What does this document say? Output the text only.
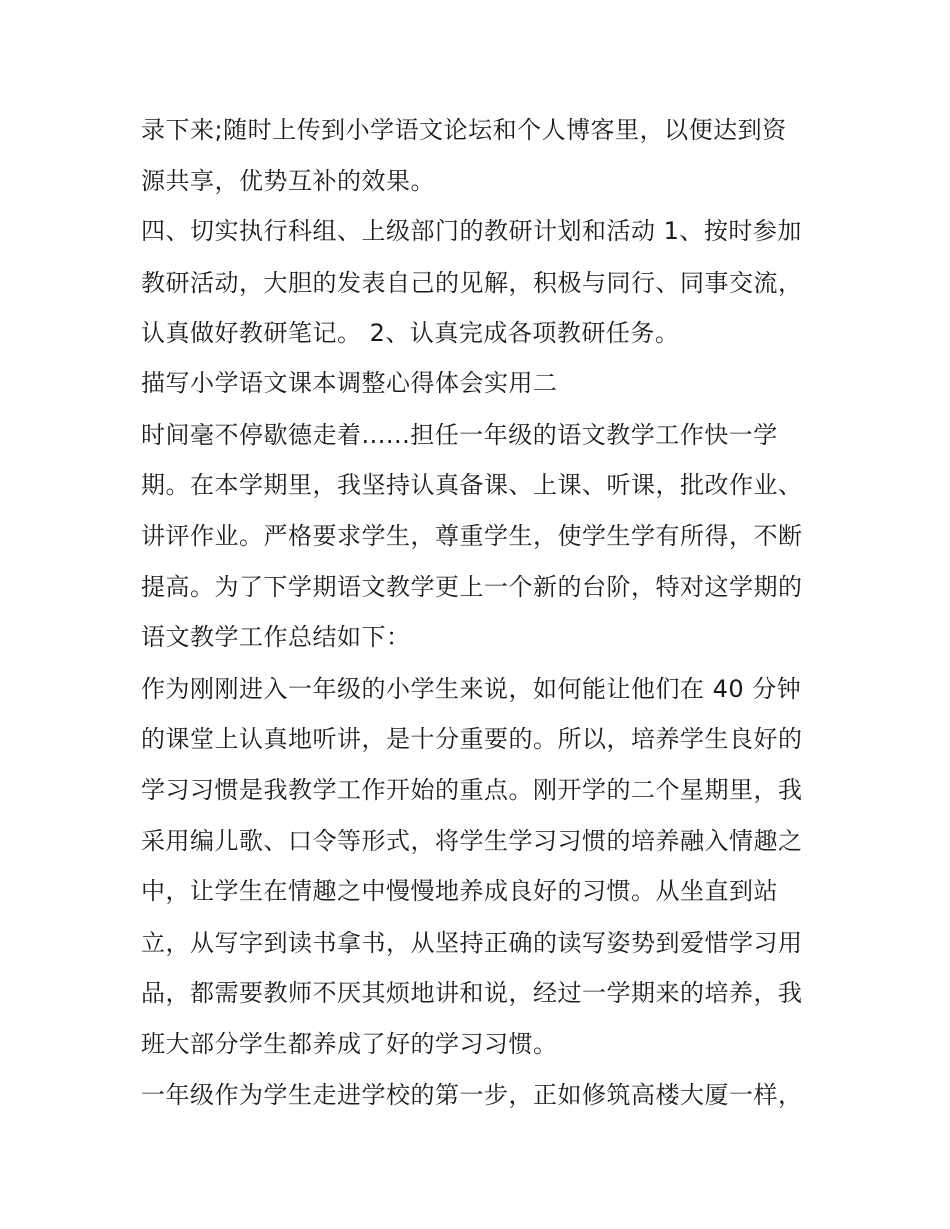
录下来;随时上传到小学语文论坛和个人博客里，以便达到资
源共享，优势互补的效果。
四、切实执行科组、上级部门的教研计划和活动 1、按时参加
教研活动，大胆的发表自己的见解，积极与同行、同事交流，
认真做好教研笔记。 2、认真完成各项教研任务。
描写小学语文课本调整心得体会实用二
时间毫不停歇德走着......担任一年级的语文教学工作快一学
期。在本学期里，我坚持认真备课、上课、听课，批改作业、
讲评作业。严格要求学生，尊重学生，使学生学有所得，不断
提高。为了下学期语文教学更上一个新的台阶，特对这学期的
语文教学工作总结如下：
作为刚刚进入一年级的小学生来说，如何能让他们在 40 分钟
的课堂上认真地听讲，是十分重要的。所以，培养学生良好的
学习习惯是我教学工作开始的重点。刚开学的二个星期里，我
采用编儿歌、口令等形式，将学生学习习惯的培养融入情趣之
中，让学生在情趣之中慢慢地养成良好的习惯。从坐直到站
立，从写字到读书拿书，从坚持正确的读写姿势到爱惜学习用
品，都需要教师不厌其烦地讲和说，经过一学期来的培养，我
班大部分学生都养成了好的学习习惯。
一年级作为学生走进学校的第一步，正如修筑高楼大厦一样，
